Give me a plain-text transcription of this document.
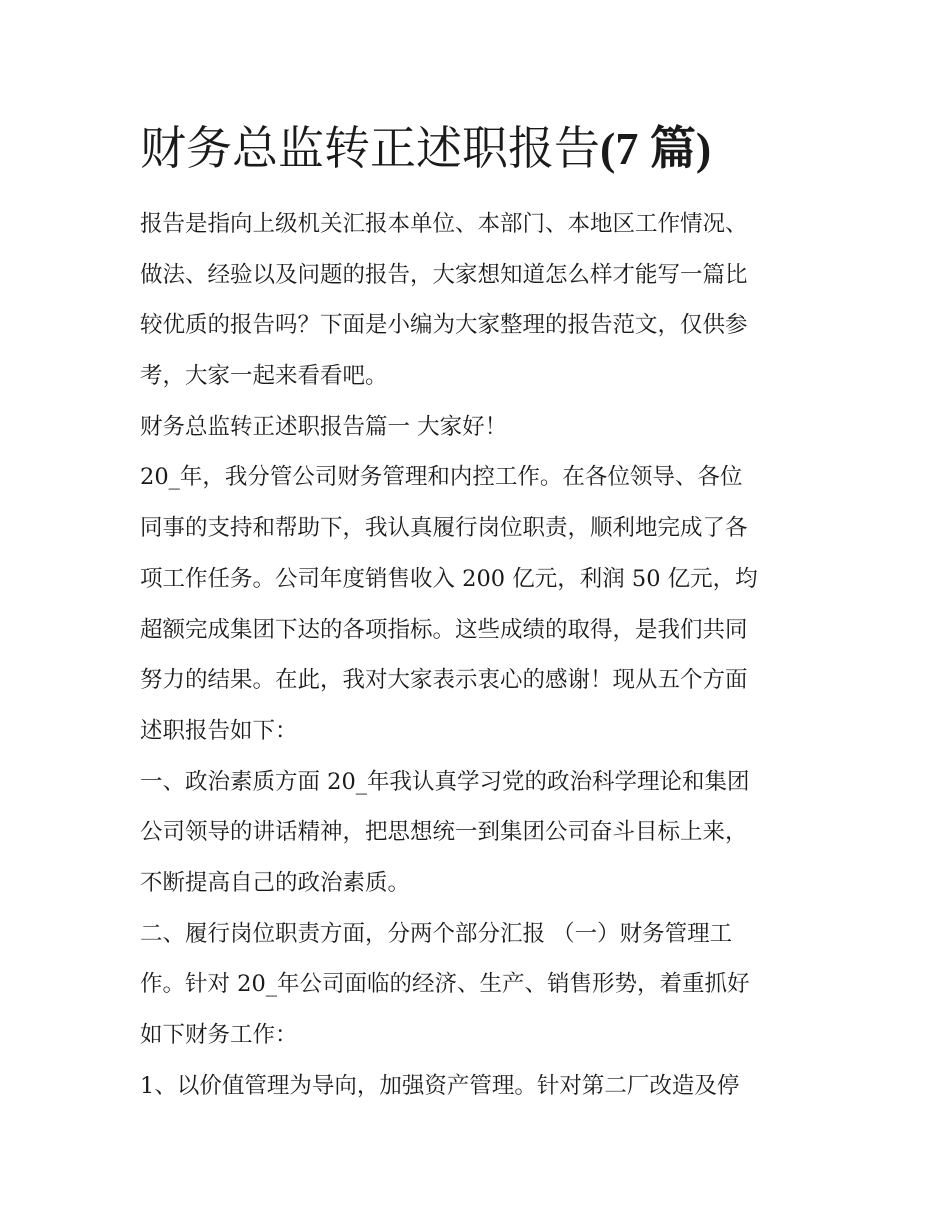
财务总监转正述职报告(7 篇)
报告是指向上级机关汇报本单位、本部门、本地区工作情况、
做法、经验以及问题的报告，大家想知道怎么样才能写一篇比
较优质的报告吗？下面是小编为大家整理的报告范文，仅供参
考，大家一起来看看吧。
财务总监转正述职报告篇一 大家好！
20_年，我分管公司财务管理和内控工作。在各位领导、各位
同事的支持和帮助下，我认真履行岗位职责，顺利地完成了各
项工作任务。公司年度销售收入 200 亿元，利润 50 亿元，均
超额完成集团下达的各项指标。这些成绩的取得，是我们共同
努力的结果。在此，我对大家表示衷心的感谢！现从五个方面
述职报告如下：
一、政治素质方面 20_年我认真学习党的政治科学理论和集团
公司领导的讲话精神，把思想统一到集团公司奋斗目标上来，
不断提高自己的政治素质。
二、履行岗位职责方面，分两个部分汇报 （一）财务管理工
作。针对 20_年公司面临的经济、生产、销售形势，着重抓好
如下财务工作：
1、以价值管理为导向，加强资产管理。针对第二厂改造及停
